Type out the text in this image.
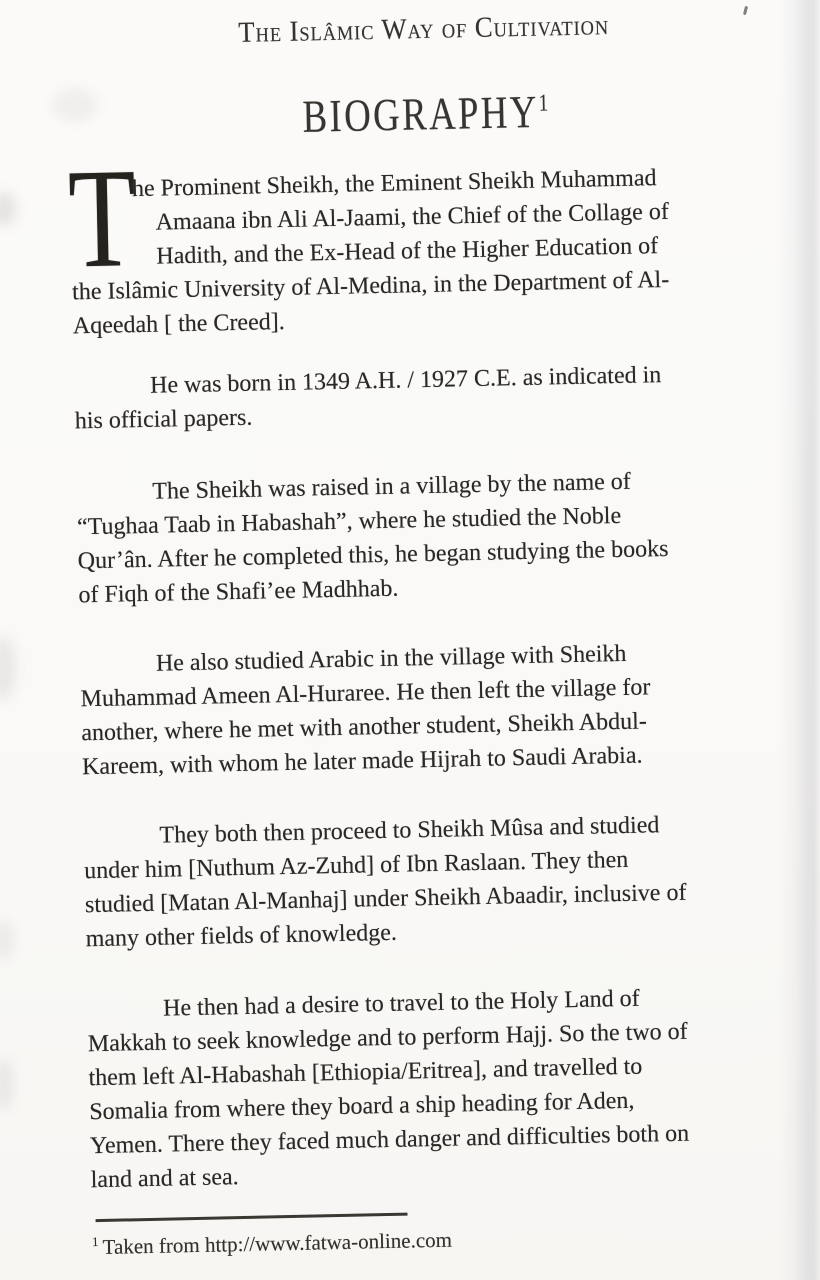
The Islâmic Way of Cultivation
BIOGRAPHY$^1$
T
he Prominent Sheikh, the Eminent Sheikh Muhammad
Amaana ibn Ali Al-Jaami, the Chief of the Collage of
Hadith, and the Ex-Head of the Higher Education of
the Islâmic University of Al-Medina, in the Department of Al-
Aqeedah [ the Creed].
He was born in 1349 A.H. / 1927 C.E. as indicated in
his official papers.
The Sheikh was raised in a village by the name of
“Tughaa Taab in Habashah”, where he studied the Noble
Qur’ân. After he completed this, he began studying the books
of Fiqh of the Shafi’ee Madhhab.
He also studied Arabic in the village with Sheikh
Muhammad Ameen Al-Huraree. He then left the village for
another, where he met with another student, Sheikh Abdul-
Kareem, with whom he later made Hijrah to Saudi Arabia.
They both then proceed to Sheikh Mûsa and studied
under him [Nuthum Az-Zuhd] of Ibn Raslaan. They then
studied [Matan Al-Manhaj] under Sheikh Abaadir, inclusive of
many other fields of knowledge.
He then had a desire to travel to the Holy Land of
Makkah to seek knowledge and to perform Hajj. So the two of
them left Al-Habashah [Ethiopia/Eritrea], and travelled to
Somalia from where they board a ship heading for Aden,
Yemen. There they faced much danger and difficulties both on
land and at sea.
$^1$ Taken from http://www.fatwa-online.com
